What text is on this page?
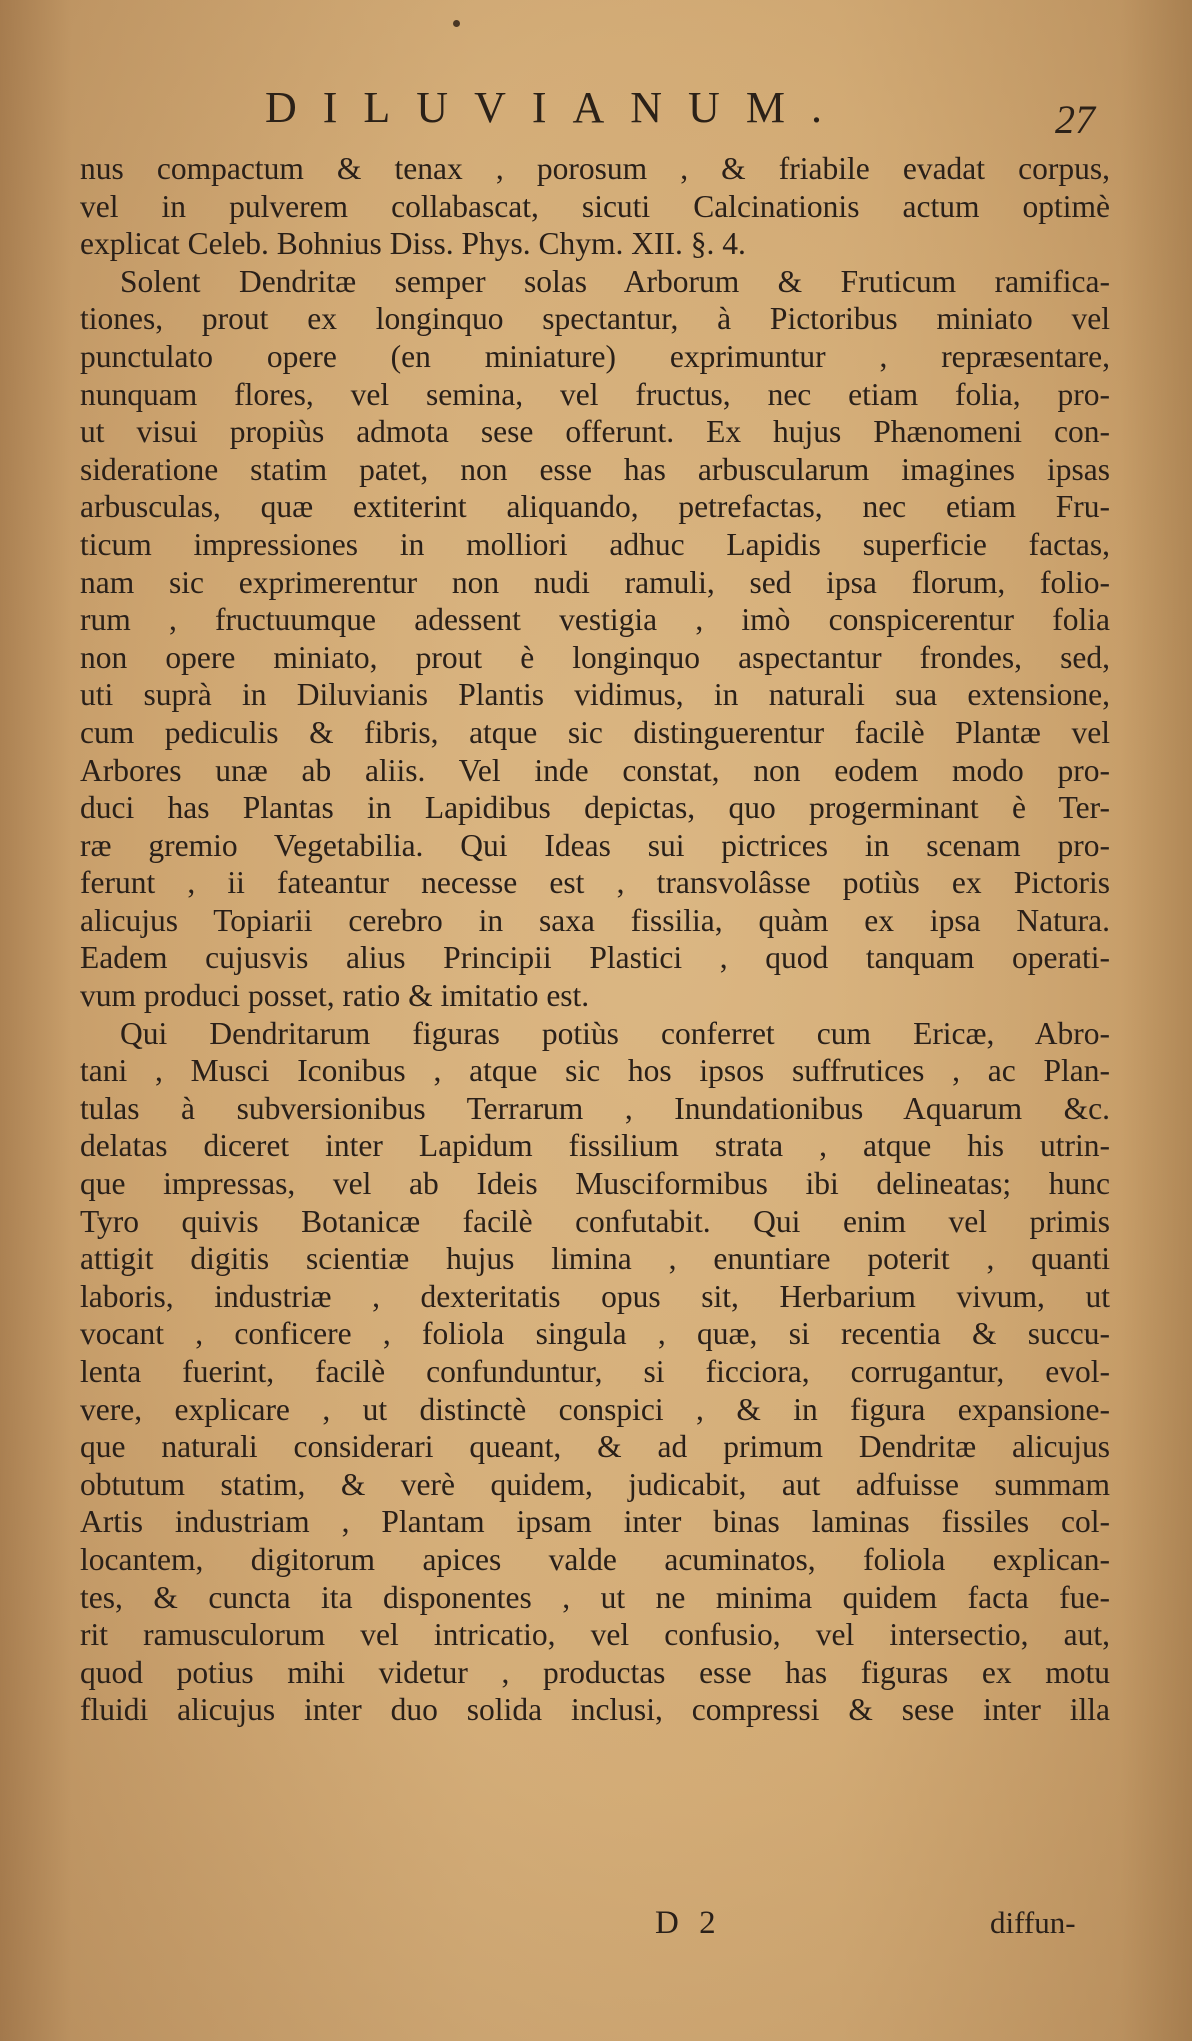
DILUVIANUM.	27
nus compactum & tenax , porosum , & friabile evadat corpus,
vel in pulverem collabascat, sicuti Calcinationis actum optimè
explicat Celeb. Bohnius Diss. Phys. Chym. XII. §. 4.
Solent Dendritæ semper solas Arborum & Fruticum ramifica-
tiones, prout ex longinquo spectantur, à Pictoribus miniato vel
punctulato opere (en miniature) exprimuntur , repræsentare,
nunquam flores, vel semina, vel fructus, nec etiam folia, pro-
ut visui propiùs admota sese offerunt. Ex hujus Phænomeni con-
sideratione statim patet, non esse has arbuscularum imagines ipsas
arbusculas, quæ extiterint aliquando, petrefactas, nec etiam Fru-
ticum impressiones in molliori adhuc Lapidis superficie factas,
nam sic exprimerentur non nudi ramuli, sed ipsa florum, folio-
rum , fructuumque adessent vestigia , imò conspicerentur folia
non opere miniato, prout è longinquo aspectantur frondes, sed,
uti suprà in Diluvianis Plantis vidimus, in naturali sua extensione,
cum pediculis & fibris, atque sic distinguerentur facilè Plantæ vel
Arbores unæ ab aliis. Vel inde constat, non eodem modo pro-
duci has Plantas in Lapidibus depictas, quo progerminant è Ter-
ræ gremio Vegetabilia. Qui Ideas sui pictrices in scenam pro-
ferunt , ii fateantur necesse est , transvolâsse potiùs ex Pictoris
alicujus Topiarii cerebro in saxa fissilia, quàm ex ipsa Natura.
Eadem cujusvis alius Principii Plastici , quod tanquam operati-
vum produci posset, ratio & imitatio est.
Qui Dendritarum figuras potiùs conferret cum Ericæ, Abro-
tani , Musci Iconibus , atque sic hos ipsos suffrutices , ac Plan-
tulas à subversionibus Terrarum , Inundationibus Aquarum &c.
delatas diceret inter Lapidum fissilium strata , atque his utrin-
que impressas, vel ab Ideis Musciformibus ibi delineatas; hunc
Tyro quivis Botanicæ facilè confutabit. Qui enim vel primis
attigit digitis scientiæ hujus limina , enuntiare poterit , quanti
laboris, industriæ , dexteritatis opus sit, Herbarium vivum, ut
vocant , conficere , foliola singula , quæ, si recentia & succu-
lenta fuerint, facilè confunduntur, si ficciora, corrugantur, evol-
vere, explicare , ut distinctè conspici , & in figura expansione-
que naturali considerari queant, & ad primum Dendritæ alicujus
obtutum statim, & verè quidem, judicabit, aut adfuisse summam
Artis industriam , Plantam ipsam inter binas laminas fissiles col-
locantem, digitorum apices valde acuminatos, foliola explican-
tes, & cuncta ita disponentes , ut ne minima quidem facta fue-
rit ramusculorum vel intricatio, vel confusio, vel intersectio, aut,
quod potius mihi videtur , productas esse has figuras ex motu
fluidi alicujus inter duo solida inclusi, compressi & sese inter illa
D 2	diffun-
